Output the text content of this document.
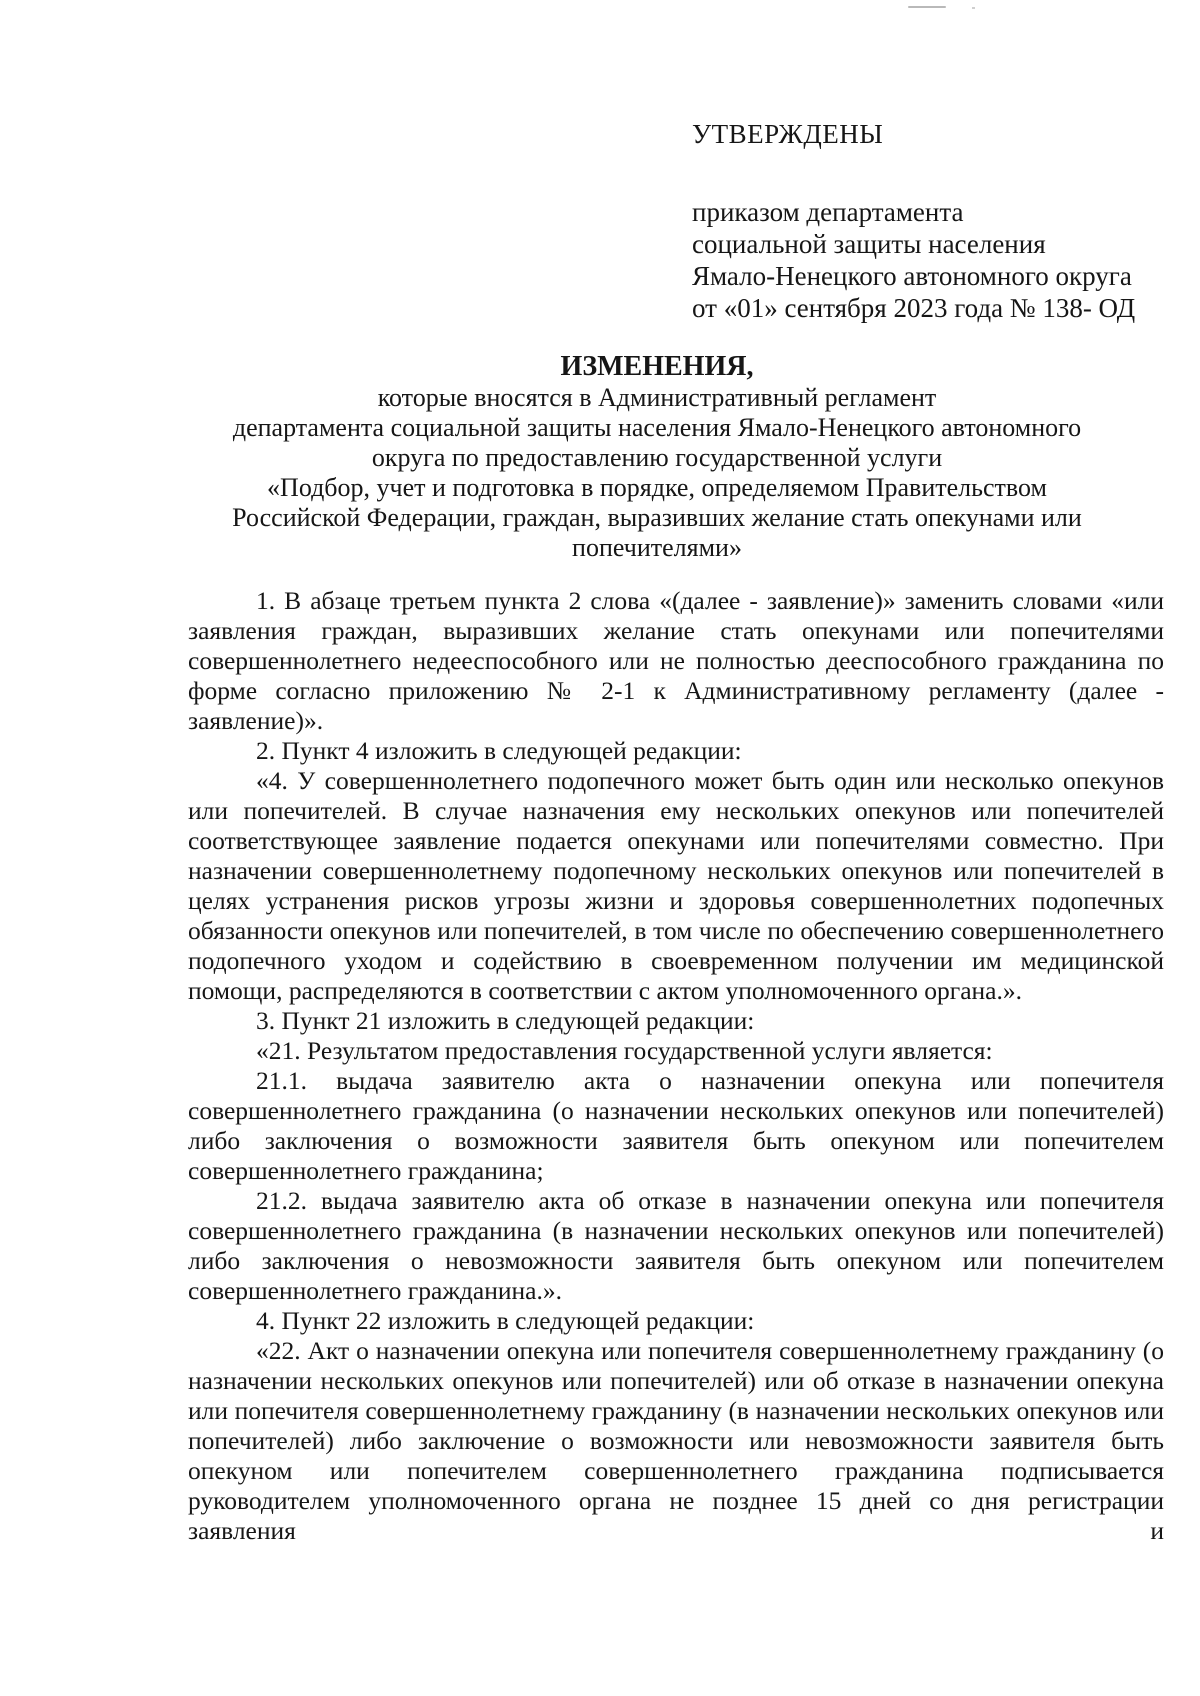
УТВЕРЖДЕНЫ
приказом департамента
социальной защиты населения
Ямало-Ненецкого автономного округа
от «01» сентября 2023 года № 138- ОД
ИЗМЕНЕНИЯ,
которые вносятся в Административный регламент
департамента социальной защиты населения Ямало-Ненецкого автономного
округа по предоставлению государственной услуги
«Подбор, учет и подготовка в порядке, определяемом Правительством
Российской Федерации, граждан, выразивших желание стать опекунами или
попечителями»

1. В абзаце третьем пункта 2 слова «(далее - заявление)» заменить словами «или заявления граждан, выразивших желание стать опекунами или попечителями совершеннолетнего недееспособного или не полностью дееспособного гражданина по форме согласно приложению № 2-1 к Административному регламенту (далее - заявление)».

2. Пункт 4 изложить в следующей редакции:

«4. У совершеннолетнего подопечного может быть один или несколько опекунов или попечителей. В случае назначения ему нескольких опекунов или попечителей соответствующее заявление подается опекунами или попечителями совместно. При назначении совершеннолетнему подопечному нескольких опекунов или попечителей в целях устранения рисков угрозы жизни и здоровья совершеннолетних подопечных обязанности опекунов или попечителей, в том числе по обеспечению совершеннолетнего подопечного уходом и содействию в своевременном получении им медицинской помощи, распределяются в соответствии с актом уполномоченного органа.».

3. Пункт 21 изложить в следующей редакции:

«21. Результатом предоставления государственной услуги является:

21.1. выдача заявителю акта о назначении опекуна или попечителя совершеннолетнего гражданина (о назначении нескольких опекунов или попечителей) либо заключения о возможности заявителя быть опекуном или попечителем совершеннолетнего гражданина;

21.2. выдача заявителю акта об отказе в назначении опекуна или попечителя совершеннолетнего гражданина (в назначении нескольких опекунов или попечителей) либо заключения о невозможности заявителя быть опекуном или попечителем совершеннолетнего гражданина.».

4. Пункт 22 изложить в следующей редакции:

«22. Акт о назначении опекуна или попечителя совершеннолетнему гражданину (о назначении нескольких опекунов или попечителей) или об отказе в назначении опекуна или попечителя совершеннолетнему гражданину (в назначении нескольких опекунов или попечителей) либо заключение о возможности или невозможности заявителя быть опекуном или попечителем совершеннолетнего гражданина подписывается руководителем уполномоченного органа не позднее 15 дней со дня регистрации заявления и
